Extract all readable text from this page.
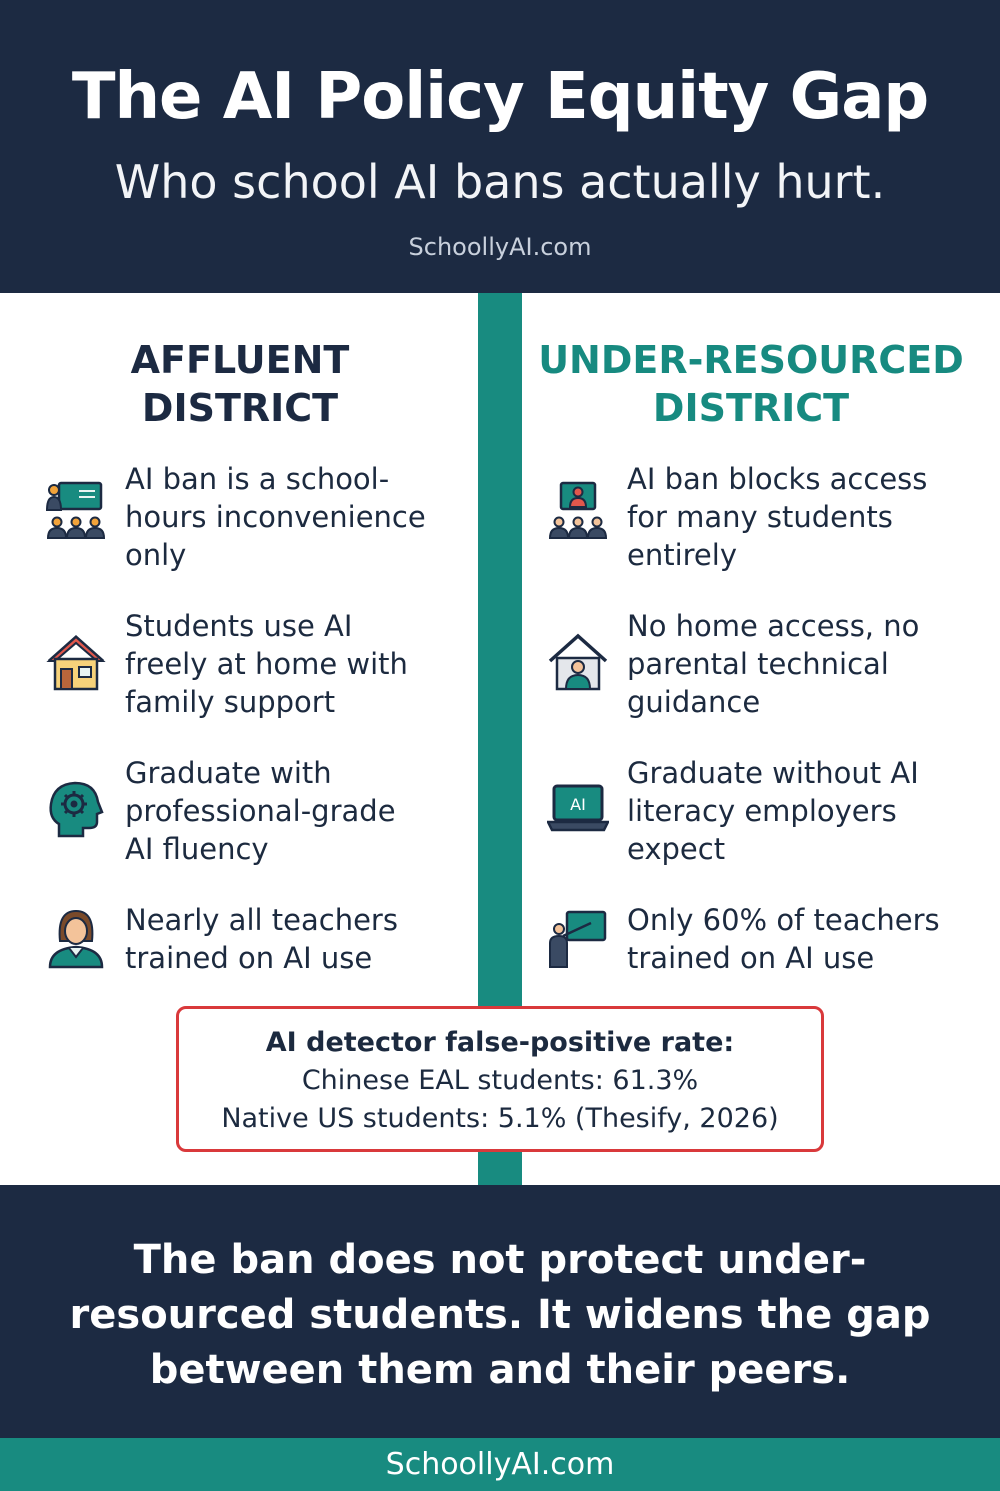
The AI Policy Equity Gap
Who school AI bans actually hurt.
SchoollyAI.com
AFFLUENT
DISTRICT
UNDER-RESOURCED
DISTRICT
AI ban is a school-
hours inconvenience
only
Students use AI
freely at home with
family support
Graduate with
professional-grade
AI fluency
Nearly all teachers
trained on AI use
AI ban blocks access
for many students
entirely
No home access, no
parental technical
guidance
AI
Graduate without AI
literacy employers
expect
Only 60% of teachers
trained on AI use
AI detector false-positive rate:
Chinese EAL students: 61.3%
Native US students: 5.1% (Thesify, 2026)
The ban does not protect under-
resourced students. It widens the gap
between them and their peers.
SchoollyAI.com
